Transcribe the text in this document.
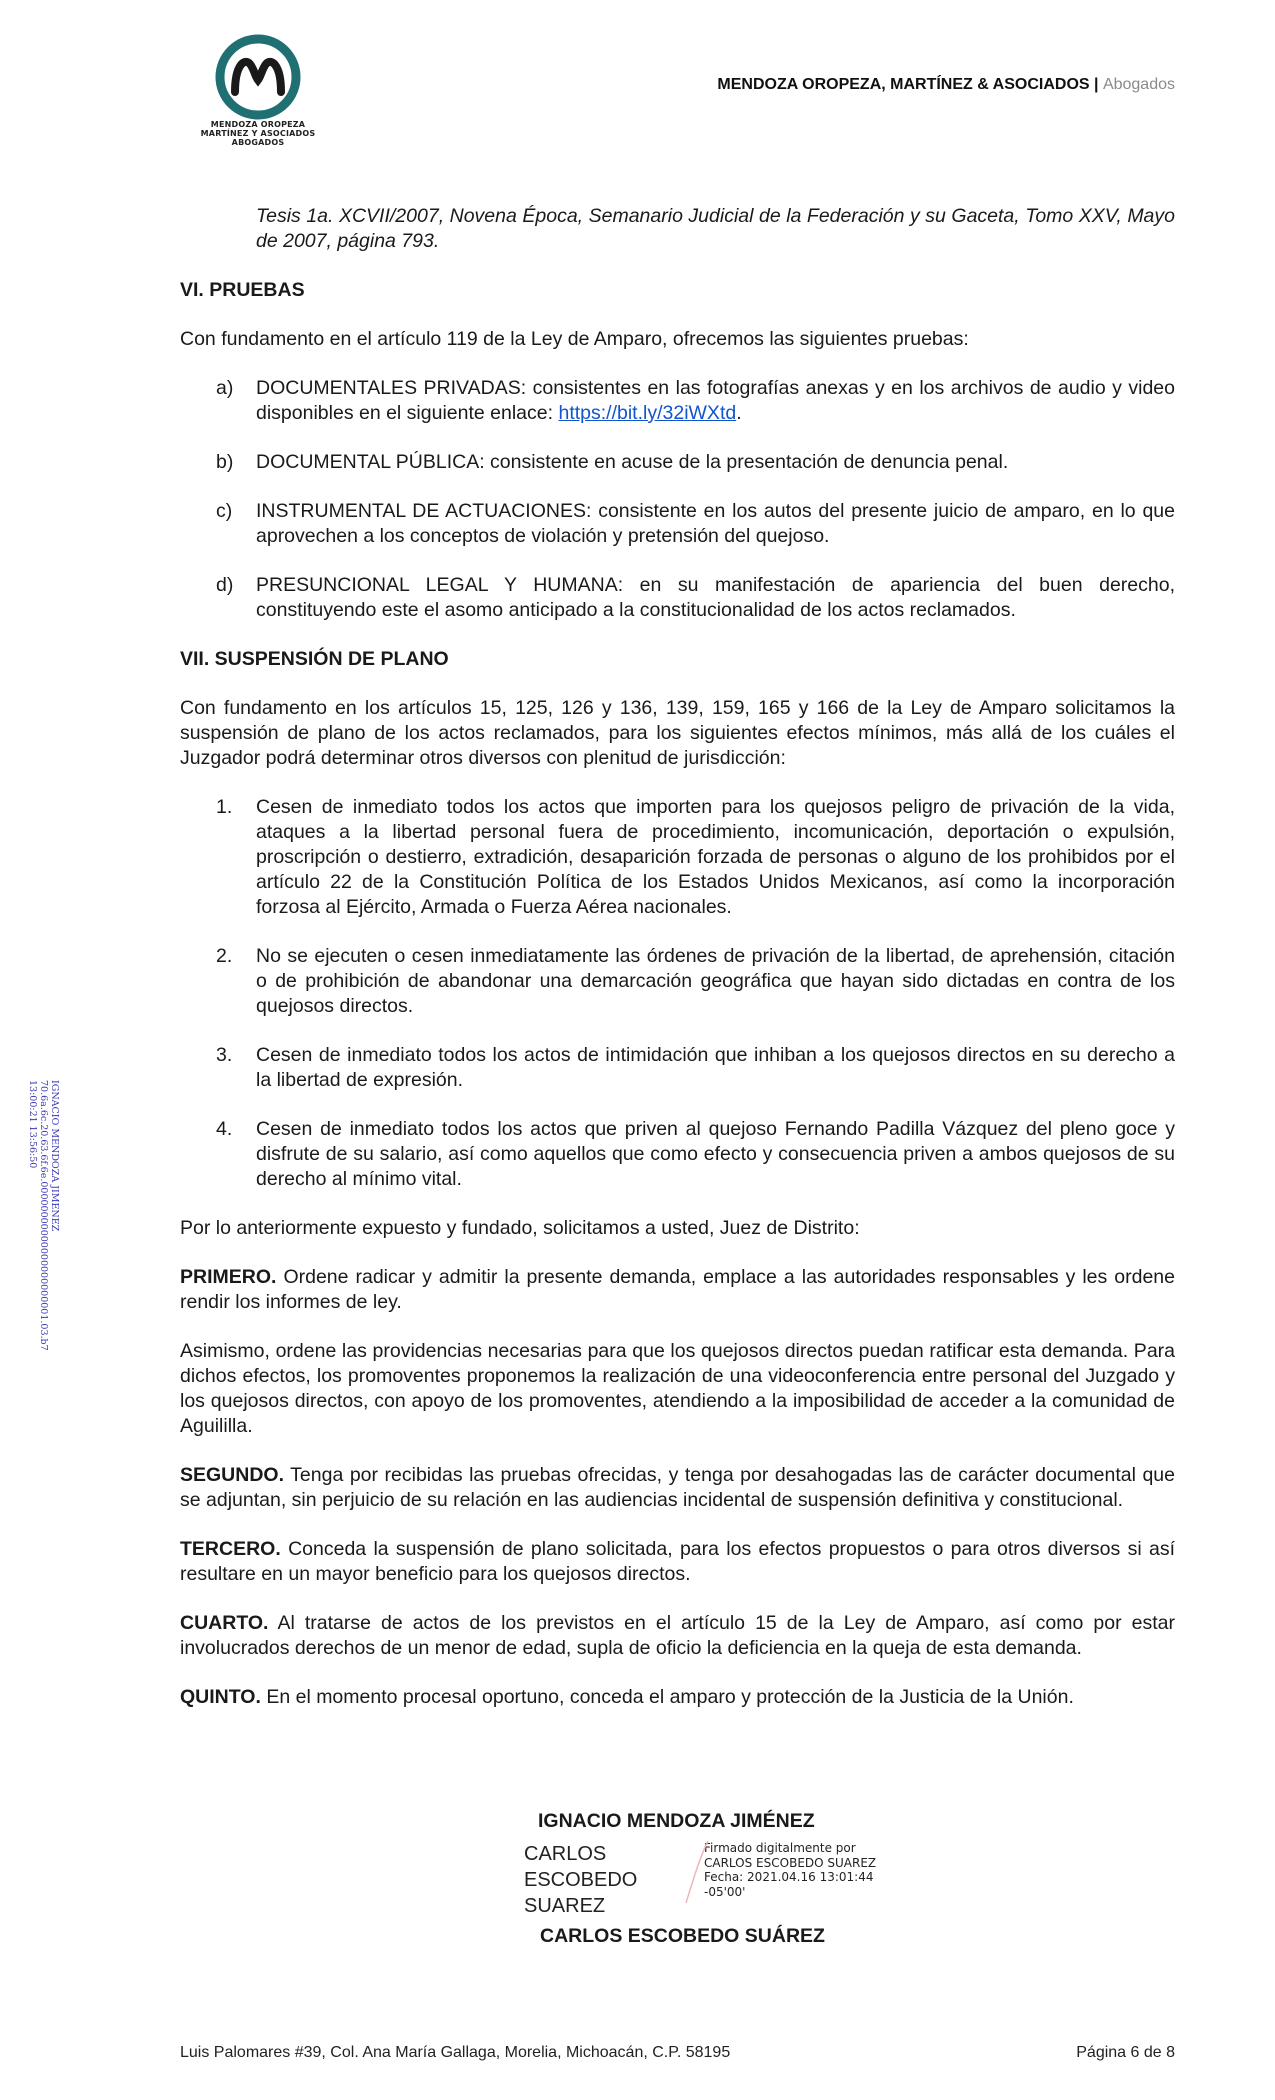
MENDOZA OROPEZA
MARTÍNEZ Y ASOCIADOS
ABOGADOS
MENDOZA OROPEZA, MARTÍNEZ & ASOCIADOS | Abogados
IGNACIO MENDOZA JIMENEZ
70.6a.6c.20.63.6f.6e.00000000000000000000001.03.b7
13:00:21 13:56:50
Tesis 1a. XCVII/2007, Novena Época, Semanario Judicial de la Federación y su Gaceta, Tomo XXV, Mayo de 2007, página 793.
VI. PRUEBAS

Con fundamento en el artículo 119 de la Ley de Amparo, ofrecemos las siguientes pruebas:

a)	DOCUMENTALES PRIVADAS: consistentes en las fotografías anexas y en los archivos de audio y video disponibles en el siguiente enlace: https://bit.ly/32iWXtd.
b)	DOCUMENTAL PÚBLICA: consistente en acuse de la presentación de denuncia penal.
c)	INSTRUMENTAL DE ACTUACIONES: consistente en los autos del presente juicio de amparo, en lo que aprovechen a los conceptos de violación y pretensión del quejoso.
d)	PRESUNCIONAL LEGAL Y HUMANA: en su manifestación de apariencia del buen derecho, constituyendo este el asomo anticipado a la constitucionalidad de los actos reclamados.
VII. SUSPENSIÓN DE PLANO

Con fundamento en los artículos 15, 125, 126 y 136, 139, 159, 165 y 166 de la Ley de Amparo solicitamos la suspensión de plano de los actos reclamados, para los siguientes efectos mínimos, más allá de los cuáles el Juzgador podrá determinar otros diversos con plenitud de jurisdicción:

1.	Cesen de inmediato todos los actos que importen para los quejosos peligro de privación de la vida, ataques a la libertad personal fuera de procedimiento, incomunicación, deportación o expulsión, proscripción o destierro, extradición, desaparición forzada de personas o alguno de los prohibidos por el artículo 22 de la Constitución Política de los Estados Unidos Mexicanos, así como la incorporación forzosa al Ejército, Armada o Fuerza Aérea nacionales.
2.	No se ejecuten o cesen inmediatamente las órdenes de privación de la libertad, de aprehensión, citación o de prohibición de abandonar una demarcación geográfica que hayan sido dictadas en contra de los quejosos directos.
3.	Cesen de inmediato todos los actos de intimidación que inhiban a los quejosos directos en su derecho a la libertad de expresión.
4.	Cesen de inmediato todos los actos que priven al quejoso Fernando Padilla Vázquez del pleno goce y disfrute de su salario, así como aquellos que como efecto y consecuencia priven a ambos quejosos de su derecho al mínimo vital.

Por lo anteriormente expuesto y fundado, solicitamos a usted, Juez de Distrito:

PRIMERO. Ordene radicar y admitir la presente demanda, emplace a las autoridades responsables y les ordene rendir los informes de ley.

Asimismo, ordene las providencias necesarias para que los quejosos directos puedan ratificar esta demanda. Para dichos efectos, los promoventes proponemos la realización de una videoconferencia entre personal del Juzgado y los quejosos directos, con apoyo de los promoventes, atendiendo a la imposibilidad de acceder a la comunidad de Aguililla.

SEGUNDO. Tenga por recibidas las pruebas ofrecidas, y tenga por desahogadas las de carácter documental que se adjuntan, sin perjuicio de su relación en las audiencias incidental de suspensión definitiva y constitucional.

TERCERO. Conceda la suspensión de plano solicitada, para los efectos propuestos o para otros diversos si así resultare en un mayor beneficio para los quejosos directos.

CUARTO. Al tratarse de actos de los previstos en el artículo 15 de la Ley de Amparo, así como por estar involucrados derechos de un menor de edad, supla de oficio la deficiencia en la queja de esta demanda.

QUINTO. En el momento procesal oportuno, conceda el amparo y protección de la Justicia de la Unión.

IGNACIO MENDOZA JIMÉNEZ
CARLOS ESCOBEDO
SUAREZ
Firmado digitalmente por
CARLOS ESCOBEDO SUAREZ
Fecha: 2021.04.16 13:01:44
-05'00'
CARLOS ESCOBEDO SUÁREZ
Luis Palomares #39, Col. Ana María Gallaga, Morelia, Michoacán, C.P. 58195	Página 6 de 8
